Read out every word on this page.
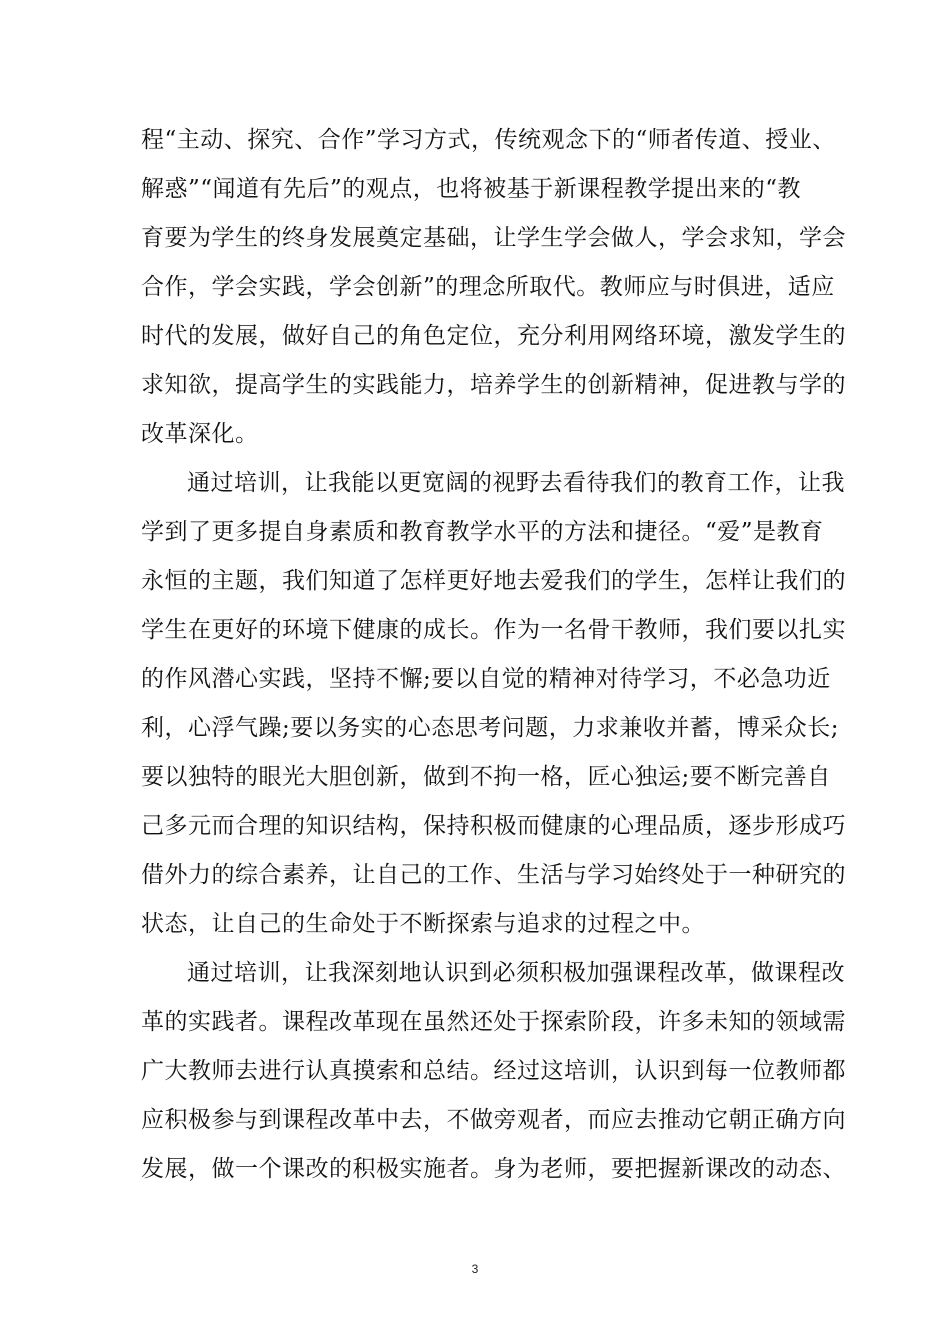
程“主动、探究、合作”学习方式，传统观念下的“师者传道、授业、
解惑”“闻道有先后”的观点，也将被基于新课程教学提出来的“教
育要为学生的终身发展奠定基础，让学生学会做人，学会求知，学会
合作，学会实践，学会创新”的理念所取代。教师应与时俱进，适应
时代的发展，做好自己的角色定位，充分利用网络环境，激发学生的
求知欲，提高学生的实践能力，培养学生的创新精神，促进教与学的
改革深化。
通过培训，让我能以更宽阔的视野去看待我们的教育工作，让我
学到了更多提自身素质和教育教学水平的方法和捷径。“爱”是教育
永恒的主题，我们知道了怎样更好地去爱我们的学生，怎样让我们的
学生在更好的环境下健康的成长。作为一名骨干教师，我们要以扎实
的作风潜心实践，坚持不懈;要以自觉的精神对待学习，不必急功近
利，心浮气躁;要以务实的心态思考问题，力求兼收并蓄，博采众长;
要以独特的眼光大胆创新，做到不拘一格，匠心独运;要不断完善自
己多元而合理的知识结构，保持积极而健康的心理品质，逐步形成巧
借外力的综合素养，让自己的工作、生活与学习始终处于一种研究的
状态，让自己的生命处于不断探索与追求的过程之中。
通过培训，让我深刻地认识到必须积极加强课程改革，做课程改
革的实践者。课程改革现在虽然还处于探索阶段，许多未知的领域需
广大教师去进行认真摸索和总结。经过这培训，认识到每一位教师都
应积极参与到课程改革中去，不做旁观者，而应去推动它朝正确方向
发展，做一个课改的积极实施者。身为老师，要把握新课改的动态、
3
